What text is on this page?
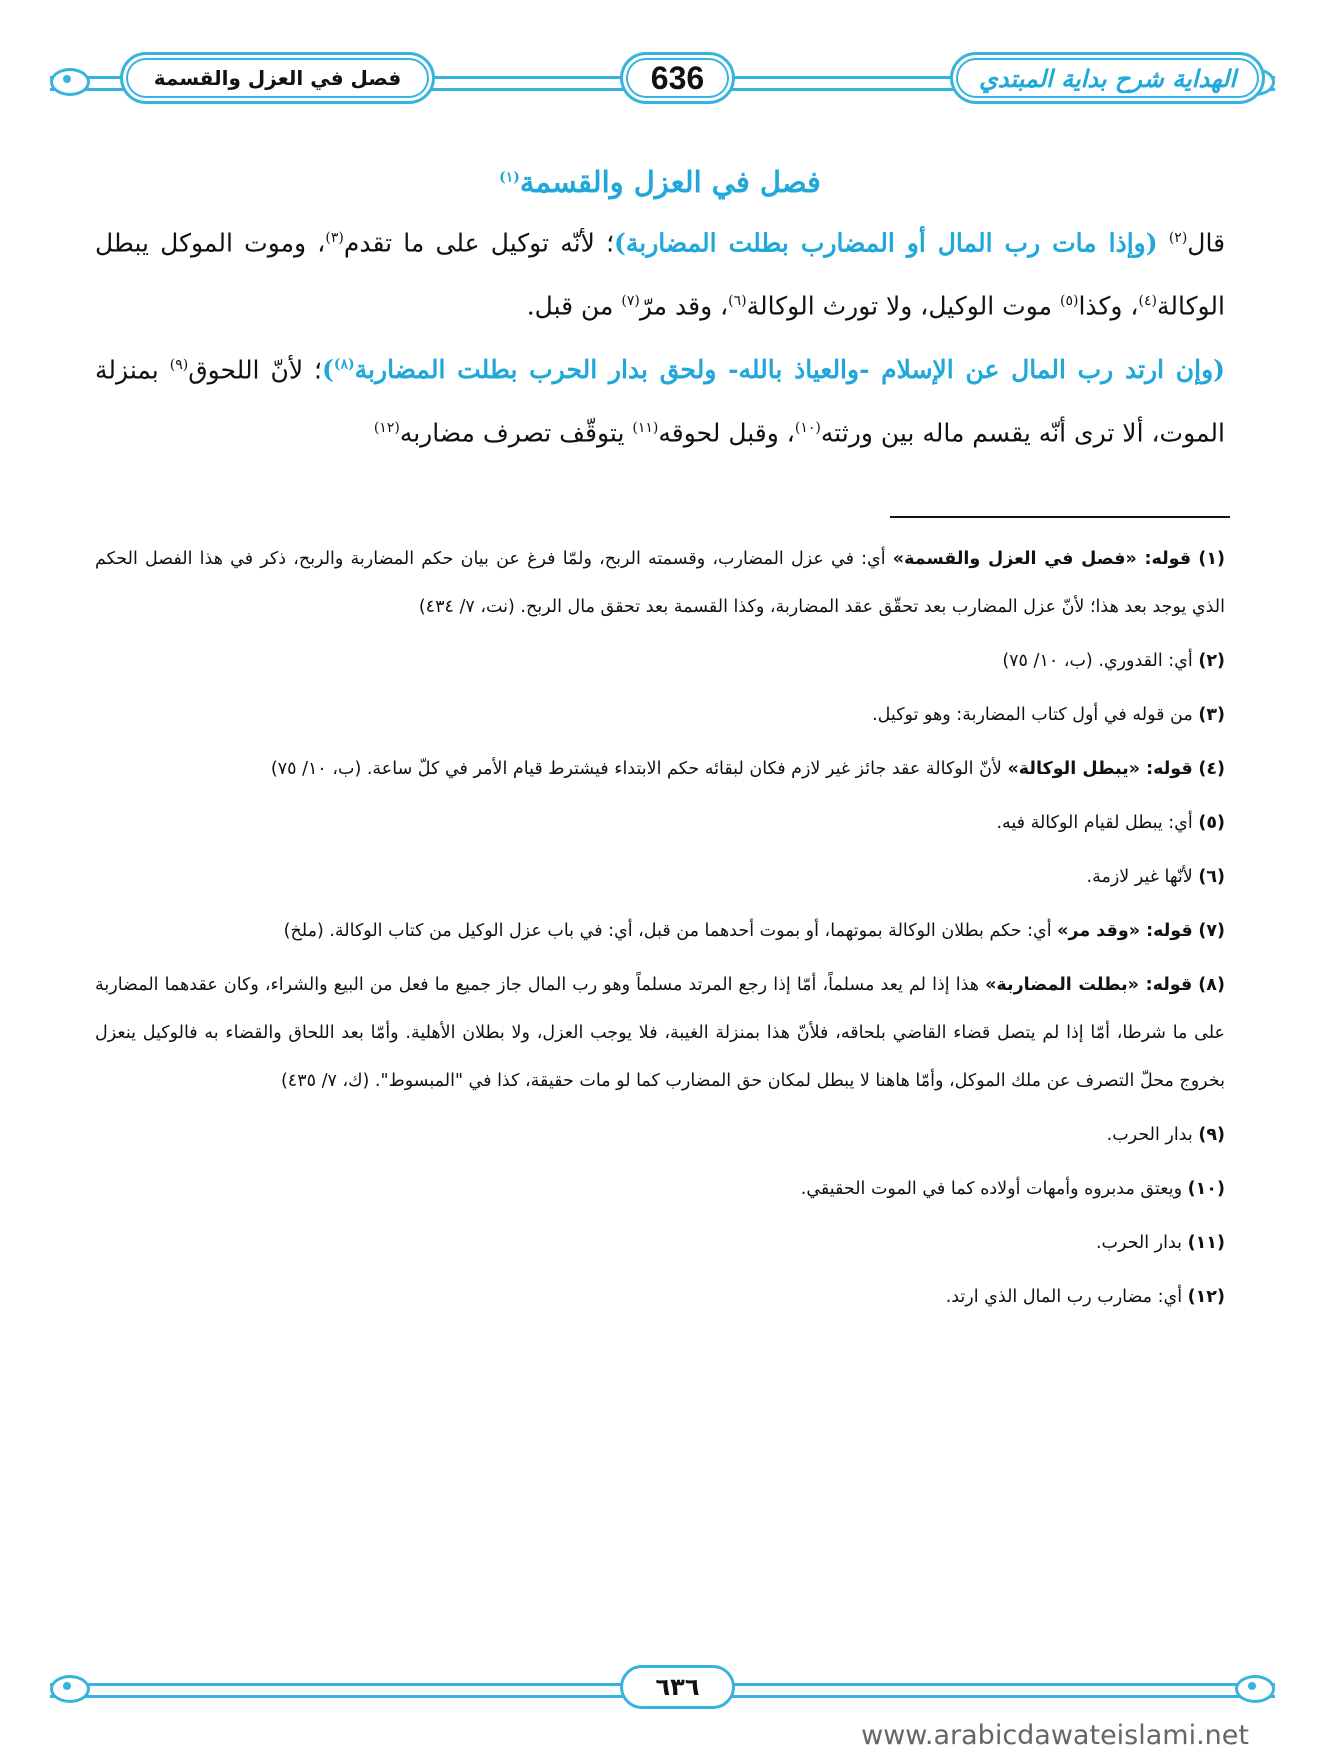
الهداية شرح بداية المبتدي
636
فصل في العزل والقسمة
فصل في العزل والقسمة$^{(١)}$

قال$^{(٢)}$ (وإذا مات رب المال أو المضارب بطلت المضاربة)؛ لأنّه توكيل على ما تقدم$^{(٣)}$، وموت الموكل يبطل الوكالة$^{(٤)}$، وكذا$^{(٥)}$ موت الوكيل، ولا تورث الوكالة$^{(٦)}$، وقد مرّ$^{(٧)}$ من قبل.

(وإن ارتد رب المال عن الإسلام -والعياذ بالله- ولحق بدار الحرب بطلت المضاربة$^{(٨)}$)؛ لأنّ اللحوق$^{(٩)}$ بمنزلة الموت، ألا ترى أنّه يقسم ماله بين ورثته$^{(١٠)}$، وقبل لحوقه$^{(١١)}$ يتوقّف تصرف مضاربه$^{(١٢)}$

(١) قوله: «فصل في العزل والقسمة» أي: في عزل المضارب، وقسمته الربح، ولمّا فرغ عن بيان حكم المضاربة والربح، ذكر في هذا الفصل الحكم الذي يوجد بعد هذا؛ لأنّ عزل المضارب بعد تحقّق عقد المضاربة، وكذا القسمة بعد تحقق مال الربح. (نت، ٧/ ٤٣٤)

(٢) أي: القدوري. (ب، ١٠/ ٧٥)

(٣) من قوله في أول كتاب المضاربة: وهو توكيل.

(٤) قوله: «يبطل الوكالة» لأنّ الوكالة عقد جائز غير لازم فكان لبقائه حكم الابتداء فيشترط قيام الأمر في كلّ ساعة. (ب، ١٠/ ٧٥)

(٥) أي: يبطل لقيام الوكالة فيه.

(٦) لأنّها غير لازمة.

(٧) قوله: «وقد مر» أي: حكم بطلان الوكالة بموتهما، أو بموت أحدهما من قبل، أي: في باب عزل الوكيل من كتاب الوكالة. (ملخ)

(٨) قوله: «بطلت المضاربة» هذا إذا لم يعد مسلماً، أمّا إذا رجع المرتد مسلماً وهو رب المال جاز جميع ما فعل من البيع والشراء، وكان عقدهما المضاربة على ما شرطا، أمّا إذا لم يتصل قضاء القاضي بلحاقه، فلأنّ هذا بمنزلة الغيبة، فلا يوجب العزل، ولا بطلان الأهلية. وأمّا بعد اللحاق والقضاء به فالوكيل ينعزل بخروج محلّ التصرف عن ملك الموكل، وأمّا هاهنا لا يبطل لمكان حق المضارب كما لو مات حقيقة، كذا في "المبسوط". (ك، ٧/ ٤٣٥)

(٩) بدار الحرب.

(١٠) ويعتق مدبروه وأمهات أولاده كما في الموت الحقيقي.

(١١) بدار الحرب.

(١٢) أي: مضارب رب المال الذي ارتد.

٦٣٦
www.arabicdawateislami.net
